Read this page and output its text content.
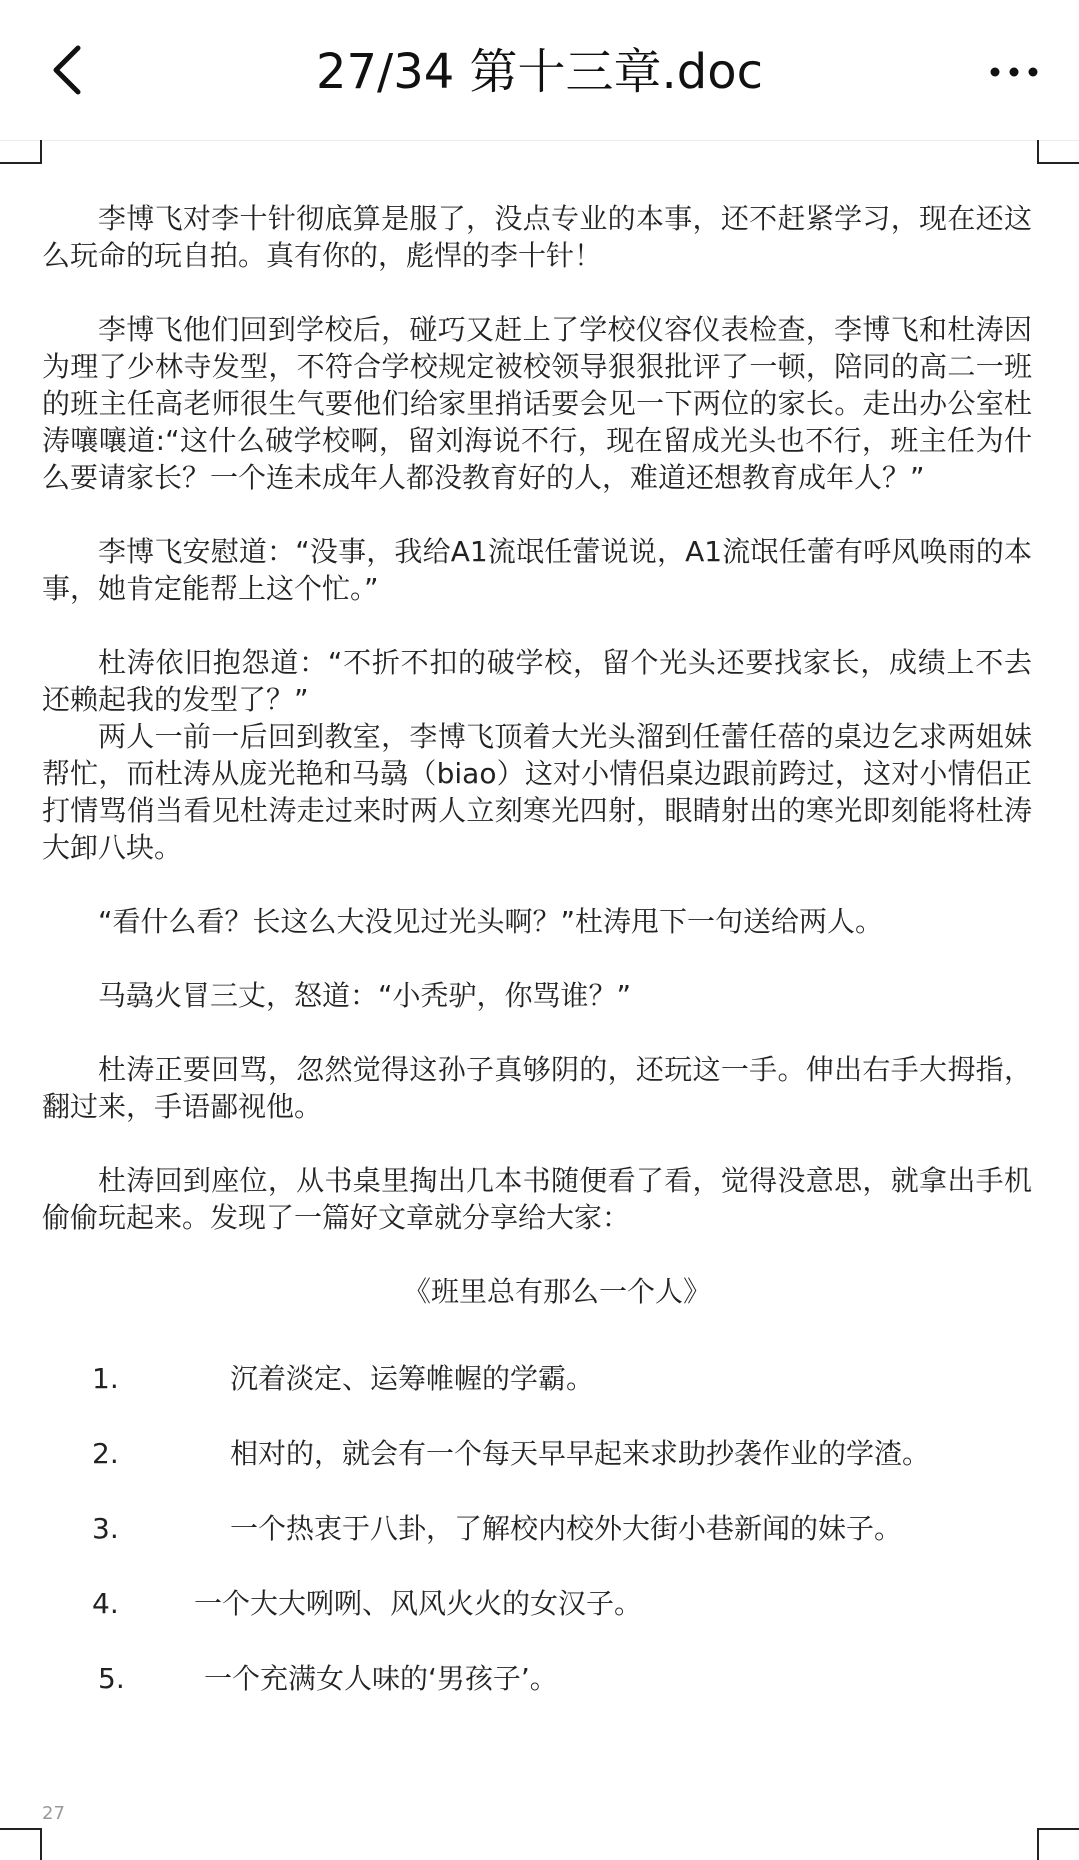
27/34 第十三章.doc

李博飞对李十针彻底算是服了，没点专业的本事，还不赶紧学习，现在还这么玩命的玩自拍。真有你的，彪悍的李十针！

李博飞他们回到学校后，碰巧又赶上了学校仪容仪表检查，李博飞和杜涛因为理了少林寺发型，不符合学校规定被校领导狠狠批评了一顿，陪同的高二一班的班主任高老师很生气要他们给家里捎话要会见一下两位的家长。走出办公室杜涛嚷嚷道:“这什么破学校啊，留刘海说不行，现在留成光头也不行，班主任为什么要请家长？一个连未成年人都没教育好的人，难道还想教育成年人？”

李博飞安慰道：“没事，我给A1流氓任蕾说说，A1流氓任蕾有呼风唤雨的本事，她肯定能帮上这个忙。”

杜涛依旧抱怨道：“不折不扣的破学校，留个光头还要找家长，成绩上不去还赖起我的发型了？”

两人一前一后回到教室，李博飞顶着大光头溜到任蕾任蓓的桌边乞求两姐妹帮忙，而杜涛从庞光艳和马骉（biao）这对小情侣桌边跟前跨过，这对小情侣正打情骂俏当看见杜涛走过来时两人立刻寒光四射，眼睛射出的寒光即刻能将杜涛大卸八块。

“看什么看？长这么大没见过光头啊？”杜涛甩下一句送给两人。

马骉火冒三丈，怒道：“小秃驴，你骂谁？”

杜涛正要回骂，忽然觉得这孙子真够阴的，还玩这一手。伸出右手大拇指，翻过来，手语鄙视他。

杜涛回到座位，从书桌里掏出几本书随便看了看，觉得没意思，就拿出手机偷偷玩起来。发现了一篇好文章就分享给大家：

《班里总有那么一个人》

1.	沉着淡定、运筹帷幄的学霸。
2.	相对的，就会有一个每天早早起来求助抄袭作业的学渣。
3.	一个热衷于八卦，了解校内校外大街小巷新闻的妹子。
4.	一个大大咧咧、风风火火的女汉子。
5.	一个充满女人味的‘男孩子’。
27
